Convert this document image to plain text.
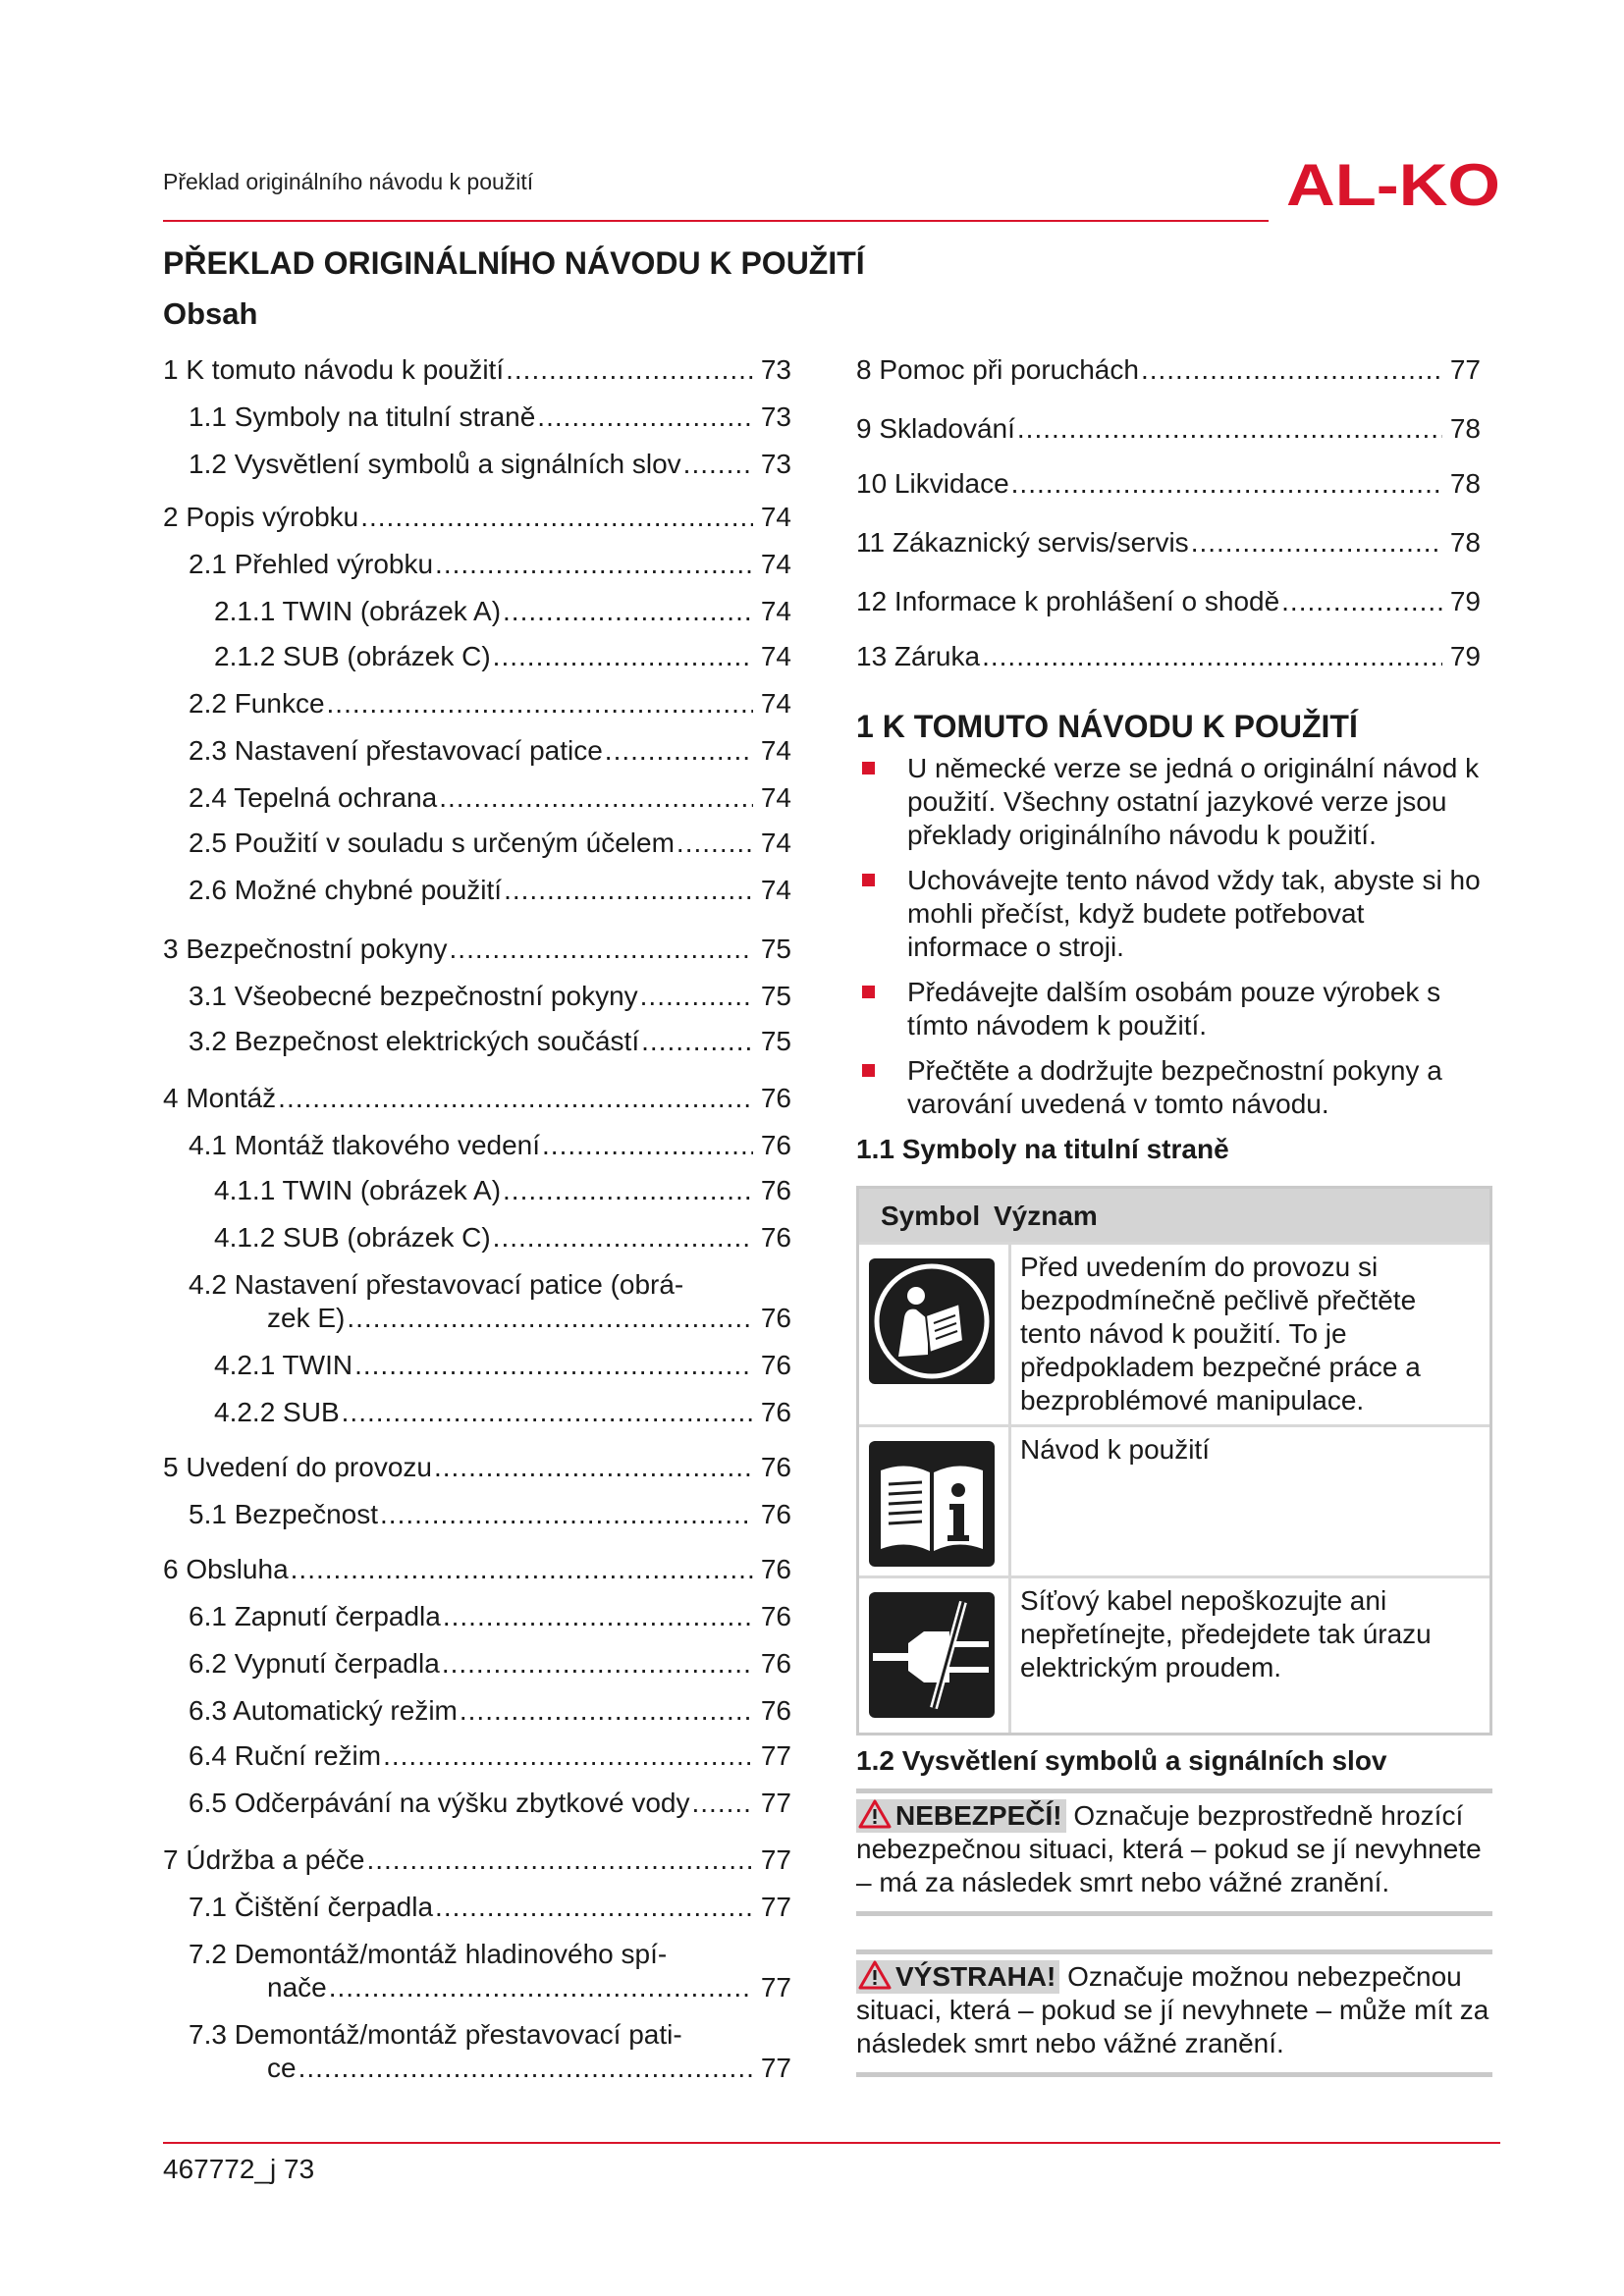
Překlad originálního návodu k použití	AL-KO
PŘEKLAD ORIGINÁLNÍHO NÁVODU K POUŽITÍ
Obsah
1 K tomuto návodu k použití .....	73
1.1 Symboly na titulní straně .....	73
1.2 Vysvětlení symbolů a signálních slov .....	73
2 Popis výrobku .....	74
2.1 Přehled výrobku .....	74
2.1.1 TWIN (obrázek A) .....	74
2.1.2 SUB (obrázek C) .....	74
2.2 Funkce .....	74
2.3 Nastavení přestavovací patice .....	74
2.4 Tepelná ochrana .....	74
2.5 Použití v souladu s určeným účelem .....	74
2.6 Možné chybné použití .....	74
3 Bezpečnostní pokyny .....	75
3.1 Všeobecné bezpečnostní pokyny .....	75
3.2 Bezpečnost elektrických součástí .....	75
4 Montáž .....	76
4.1 Montáž tlakového vedení .....	76
4.1.1 TWIN (obrázek A) .....	76
4.1.2 SUB (obrázek C) .....	76
4.2 Nastavení přestavovací patice (obrá-
zek E) .....	76
4.2.1 TWIN .....	76
4.2.2 SUB .....	76
5 Uvedení do provozu .....	76
5.1 Bezpečnost .....	76
6 Obsluha .....	76
6.1 Zapnutí čerpadla .....	76
6.2 Vypnutí čerpadla .....	76
6.3 Automatický režim .....	76
6.4 Ruční režim .....	77
6.5 Odčerpávání na výšku zbytkové vody .....	77
7 Údržba a péče .....	77
7.1 Čištění čerpadla .....	77
7.2 Demontáž/montáž hladinového spí-
nače .....	77
7.3 Demontáž/montáž přestavovací pati-
ce .....	77
8 Pomoc při poruchách .....	77
9 Skladování .....	78
10 Likvidace .....	78
11 Zákaznický servis/servis .....	78
12 Informace k prohlášení o shodě .....	79
13 Záruka .....	79
1 K TOMUTO NÁVODU K POUŽITÍ
U německé verze se jedná o originální návod k použití. Všechny ostatní jazykové verze jsou překlady originálního návodu k použití.
Uchovávejte tento návod vždy tak, abyste si ho mohli přečíst, když budete potřebovat informace o stroji.
Předávejte dalším osobám pouze výrobek s tímto návodem k použití.
Přečtěte a dodržujte bezpečnostní pokyny a varování uvedená v tomto návodu.
1.1 Symboly na titulní straně
Symbol Význam
Před uvedením do provozu si bezpodmínečně pečlivě přečtěte tento návod k použití. To je předpokladem bezpečné práce a bezproblémové manipulace.
Návod k použití
Síťový kabel nepoškozujte ani nepřetínejte, předejdete tak úrazu elektrickým proudem.
1.2 Vysvětlení symbolů a signálních slov
NEBEZPEČÍ! Označuje bezprostředně hrozící nebezpečnou situaci, která – pokud se jí nevyhnete – má za následek smrt nebo vážné zranění.
VÝSTRAHA! Označuje možnou nebezpečnou situaci, která – pokud se jí nevyhnete – může mít za následek smrt nebo vážné zranění.
467772_j 73
